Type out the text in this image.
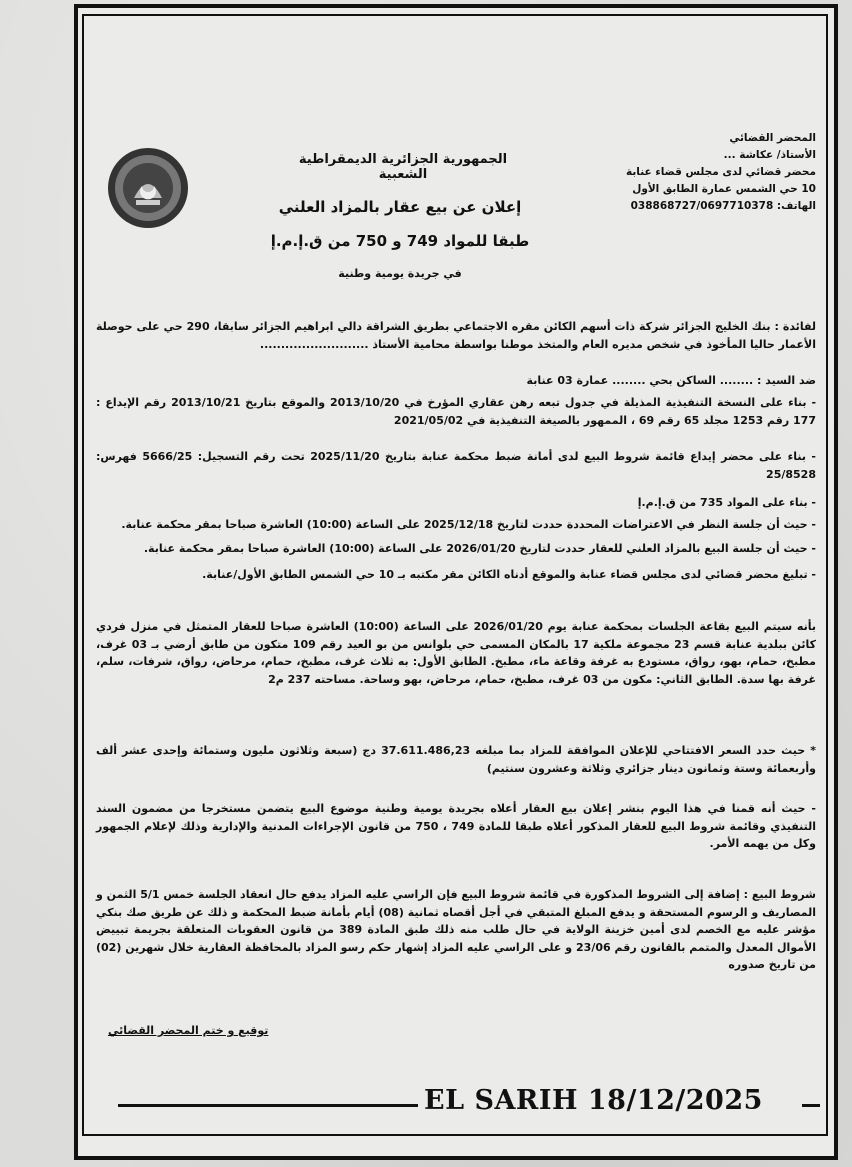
المحضر القضائي
الأستاذ/ عكاشة ...
محضر قضائي لدى مجلس قضاء عنابة
10 حي الشمس عمارة الطابق الأول
الهاتف: 038868727/0697710378
الجمهورية الجزائرية الديمقراطية الشعبية
إعلان عن بيع عقار بالمزاد العلني
طبقا للمواد 749 و 750 من ق.إ.م.إ
في جريدة يومية وطنية

لفائدة : بنك الخليج الجزائر شركة ذات أسهم الكائن مقره الاجتماعي بطريق الشراقة دالي ابراهيم الجزائر سابقا، 290 حي على حوصلة الأعمار حاليا المأخوذ في شخص مديره العام والمتخذ موطنا بواسطة محامية الأستاذ ..........................

ضد السيد : ........ الساكن بحي ........ عمارة 03 عنابة

- بناء على النسخة التنفيذية المذيلة في جدول تبعه رهن عقاري المؤرخ في 2013/10/20 والموقع بتاريخ 2013/10/21 رقم الإيداع : 177 رقم 1253 مجلد 65 رقم 69 ، الممهور بالصيغة التنفيذية في 2021/05/02

- بناء على محضر إيداع قائمة شروط البيع لدى أمانة ضبط محكمة عنابة بتاريخ 2025/11/20 تحت رقم التسجيل: 5666/25 فهرس: 25/8528

- بناء على المواد 735 من ق.إ.م.إ

- حيث أن جلسة النظر في الاعتراضات المحددة حددت لتاريخ 2025/12/18 على الساعة (10:00) العاشرة صباحا بمقر محكمة عنابة.

- حيث أن جلسة البيع بالمزاد العلني للعقار حددت لتاريخ 2026/01/20 على الساعة (10:00) العاشرة صباحا بمقر محكمة عنابة.

- تبليغ محضر قضائي لدى مجلس قضاء عنابة والموقع أدناه الكائن مقر مكتبه بـ 10 حي الشمس الطابق الأول/عنابة.

بأنه سيتم البيع بقاعة الجلسات بمحكمة عنابة يوم 2026/01/20 على الساعة (10:00) العاشرة صباحا للعقار المتمثل في منزل فردي كائن ببلدية عنابة قسم 23 مجموعة ملكية 17 بالمكان المسمى حي بلوانس من بو العيد رقم 109 متكون من طابق أرضي بـ 03 غرف، مطبخ، حمام، بهو، رواق، مستودع به غرفة وقاعة ماء، مطبخ. الطابق الأول: به ثلاث غرف، مطبخ، حمام، مرحاض، رواق، شرفات، سلم، غرفة بها سدة. الطابق الثاني: مكون من 03 غرف، مطبخ، حمام، مرحاض، بهو وساحة. مساحته 237 م2

* حيث حدد السعر الافتتاحي للإعلان الموافقة للمزاد بما مبلغه 37.611.486,23 دج (سبعة وثلاثون مليون وستمائة وإحدى عشر ألف وأربعمائة وستة وثمانون دينار جزائري وثلاثة وعشرون سنتيم)

- حيث أنه قمنا في هذا اليوم بنشر إعلان بيع العقار أعلاه بجريدة يومية وطنية موضوع البيع يتضمن مستخرجا من مضمون السند التنفيذي وقائمة شروط البيع للعقار المذكور أعلاه طبقا للمادة 749 ، 750 من قانون الإجراءات المدنية والإدارية وذلك لإعلام الجمهور وكل من يهمه الأمر.

شروط البيع : إضافة إلى الشروط المذكورة في قائمة شروط البيع فإن الراسي عليه المزاد يدفع حال انعقاد الجلسة خمس 5/1 الثمن و المصاريف و الرسوم المستحقة و يدفع المبلغ المتبقي في أجل أقصاه ثمانية (08) أيام بأمانة ضبط المحكمة و ذلك عن طريق صك بنكي مؤشر عليه مع الخصم لدى أمين خزينة الولاية في حال طلب منه ذلك طبق المادة 389 من قانون العقوبات المتعلقة بجريمة تبييض الأموال المعدل والمتمم بالقانون رقم 23/06 و على الراسي عليه المزاد إشهار حكم رسو المزاد بالمحافظة العقارية خلال شهرين (02) من تاريخ صدوره

توقيع و ختم المحضر القضائي
EL SARIH 18/12/2025
